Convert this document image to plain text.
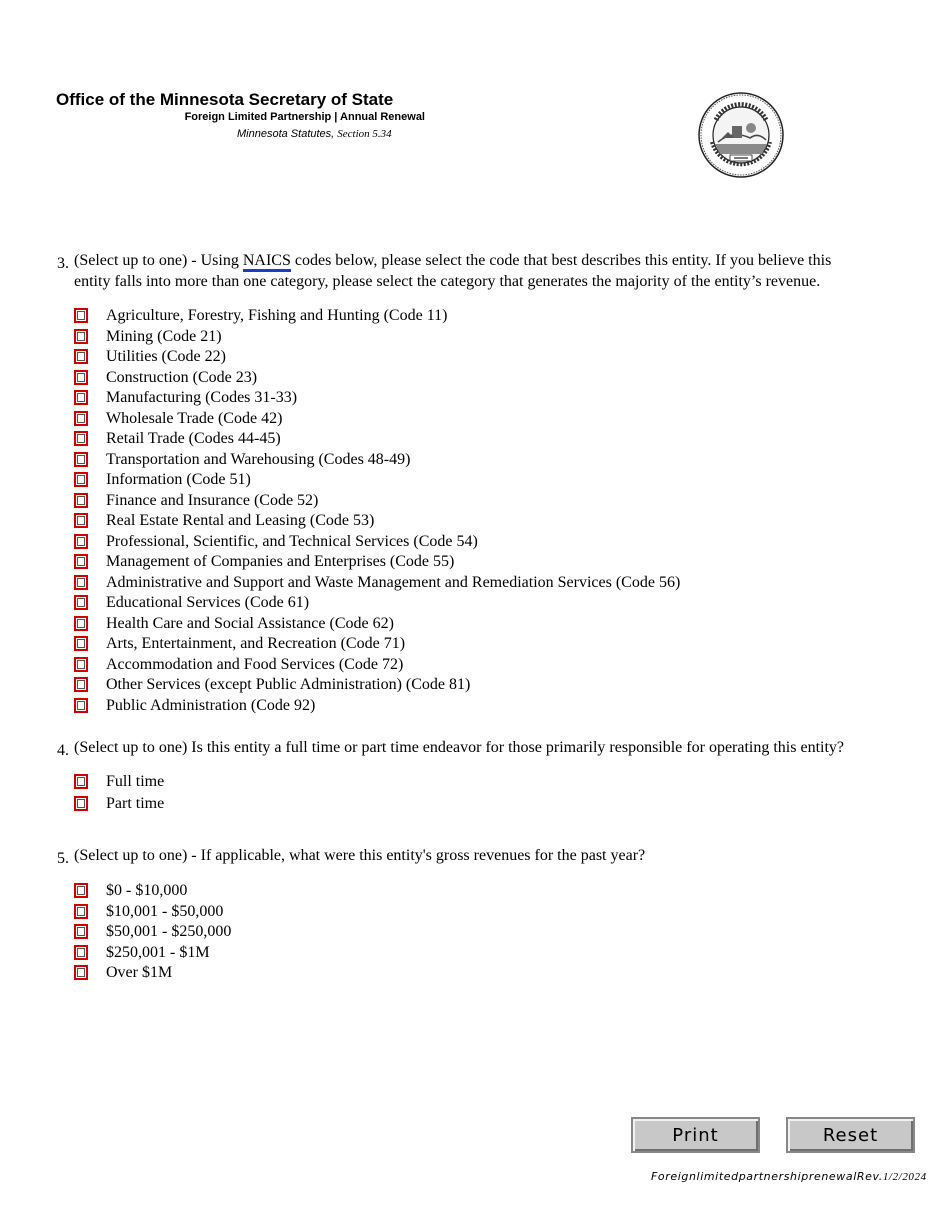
Office of the Minnesota Secretary of State
Foreign Limited Partnership | Annual Renewal
Minnesota Statutes, Section 5.34
3. (Select up to one) - Using NAICS codes below, please select the code that best describes this entity. If you believe this
entity falls into more than one category, please select the category that generates the majority of the entity’s revenue.
Agriculture, Forestry, Fishing and Hunting (Code 11)
Mining (Code 21)
Utilities (Code 22)
Construction (Code 23)
Manufacturing (Codes 31-33)
Wholesale Trade (Code 42)
Retail Trade (Codes 44-45)
Transportation and Warehousing (Codes 48-49)
Information (Code 51)
Finance and Insurance (Code 52)
Real Estate Rental and Leasing (Code 53)
Professional, Scientific, and Technical Services (Code 54)
Management of Companies and Enterprises (Code 55)
Administrative and Support and Waste Management and Remediation Services (Code 56)
Educational Services (Code 61)
Health Care and Social Assistance (Code 62)
Arts, Entertainment, and Recreation (Code 71)
Accommodation and Food Services (Code 72)
Other Services (except Public Administration) (Code 81)
Public Administration (Code 92)
4. (Select up to one) Is this entity a full time or part time endeavor for those primarily responsible for operating this entity?
Full time
Part time
5. (Select up to one) - If applicable, what were this entity's gross revenues for the past year?
$0 - $10,000
$10,001 - $50,000
$50,001 - $250,000
$250,001 - $1M
Over $1M
Print	Reset
ForeignlimitedpartnershiprenewalRev.1/2/2024
